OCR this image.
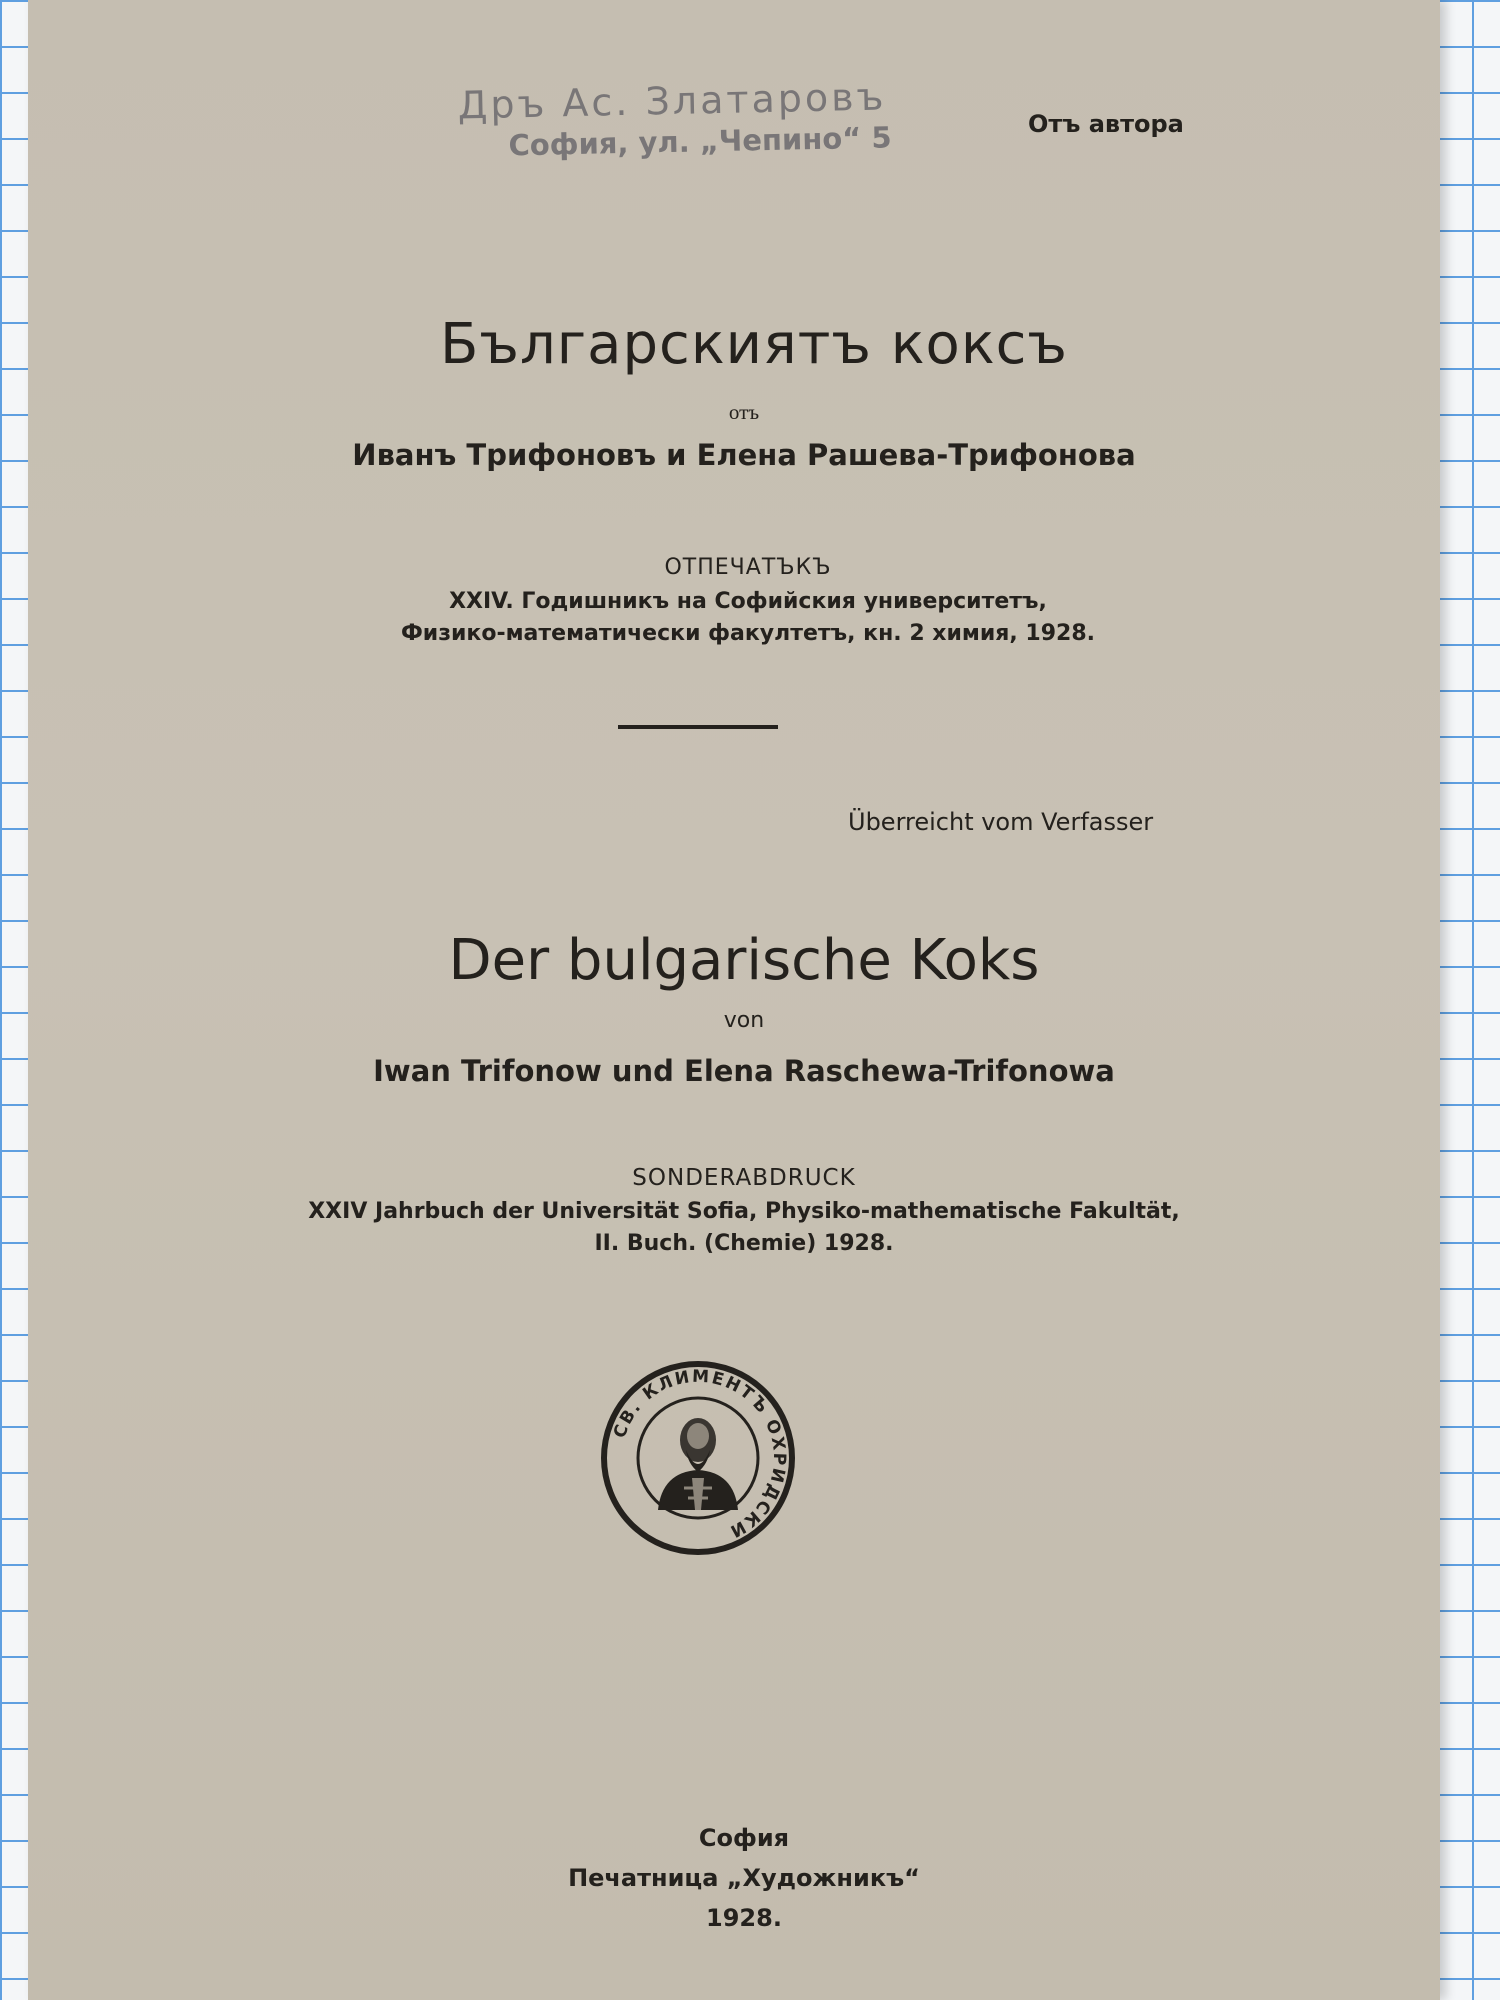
Дръ Ас. Златаровъ
София, ул. „Чепино“ 5	Отъ автора
Българскиятъ коксъ
отъ
Иванъ Трифоновъ и Елена Рашева-Трифонова
ОТПЕЧАТЪКЪ
XXIV. Годишникъ на Софийския университетъ,
Физико-математически факултетъ, кн. 2 химия, 1928.
Überreicht vom Verfasser
Der bulgarische Koks
von
Iwan Trifonow und Elena Raschewa-Trifonowa
SONDERABDRUCK
XXIV Jahrbuch der Universität Sofia, Physiko-mathematische Fakultät,
II. Buch. (Chemie) 1928.
СВ. КЛИМЕНТЪ ОХРИДСКИ
София
Печатница „Художникъ“
1928.
